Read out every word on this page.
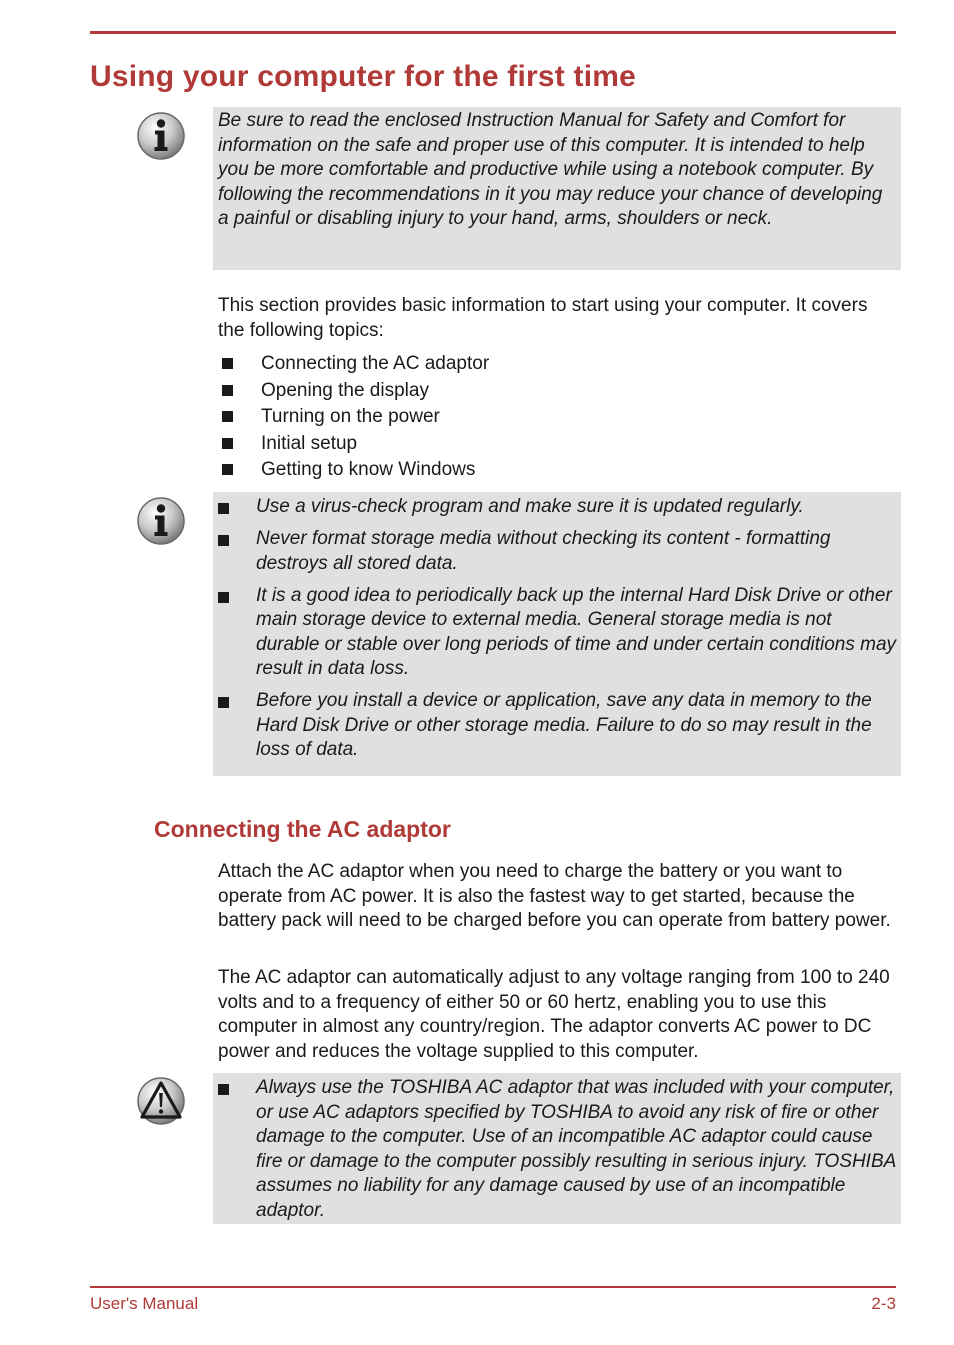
Using your computer for the first time

Be sure to read the enclosed Instruction Manual for Safety and Comfort for information on the safe and proper use of this computer. It is intended to help you be more comfortable and productive while using a notebook computer. By following the recommendations in it you may reduce your chance of developing a painful or disabling injury to your hand, arms, shoulders or neck.

This section provides basic information to start using your computer. It covers the following topics:

Connecting the AC adaptor
Opening the display
Turning on the power
Initial setup
Getting to know Windows
Use a virus-check program and make sure it is updated regularly.
Never format storage media without checking its content - formatting destroys all stored data.
It is a good idea to periodically back up the internal Hard Disk Drive or other main storage device to external media. General storage media is not durable or stable over long periods of time and under certain conditions may result in data loss.
Before you install a device or application, save any data in memory to the Hard Disk Drive or other storage media. Failure to do so may result in the loss of data.
Connecting the AC adaptor

Attach the AC adaptor when you need to charge the battery or you want to operate from AC power. It is also the fastest way to get started, because the battery pack will need to be charged before you can operate from battery power.

The AC adaptor can automatically adjust to any voltage ranging from 100 to 240 volts and to a frequency of either 50 or 60 hertz, enabling you to use this computer in almost any country/region. The adaptor converts AC power to DC power and reduces the voltage supplied to this computer.

Always use the TOSHIBA AC adaptor that was included with your computer, or use AC adaptors specified by TOSHIBA to avoid any risk of fire or other damage to the computer. Use of an incompatible AC adaptor could cause fire or damage to the computer possibly resulting in serious injury. TOSHIBA assumes no liability for any damage caused by use of an incompatible adaptor.
User's Manual	2-3
